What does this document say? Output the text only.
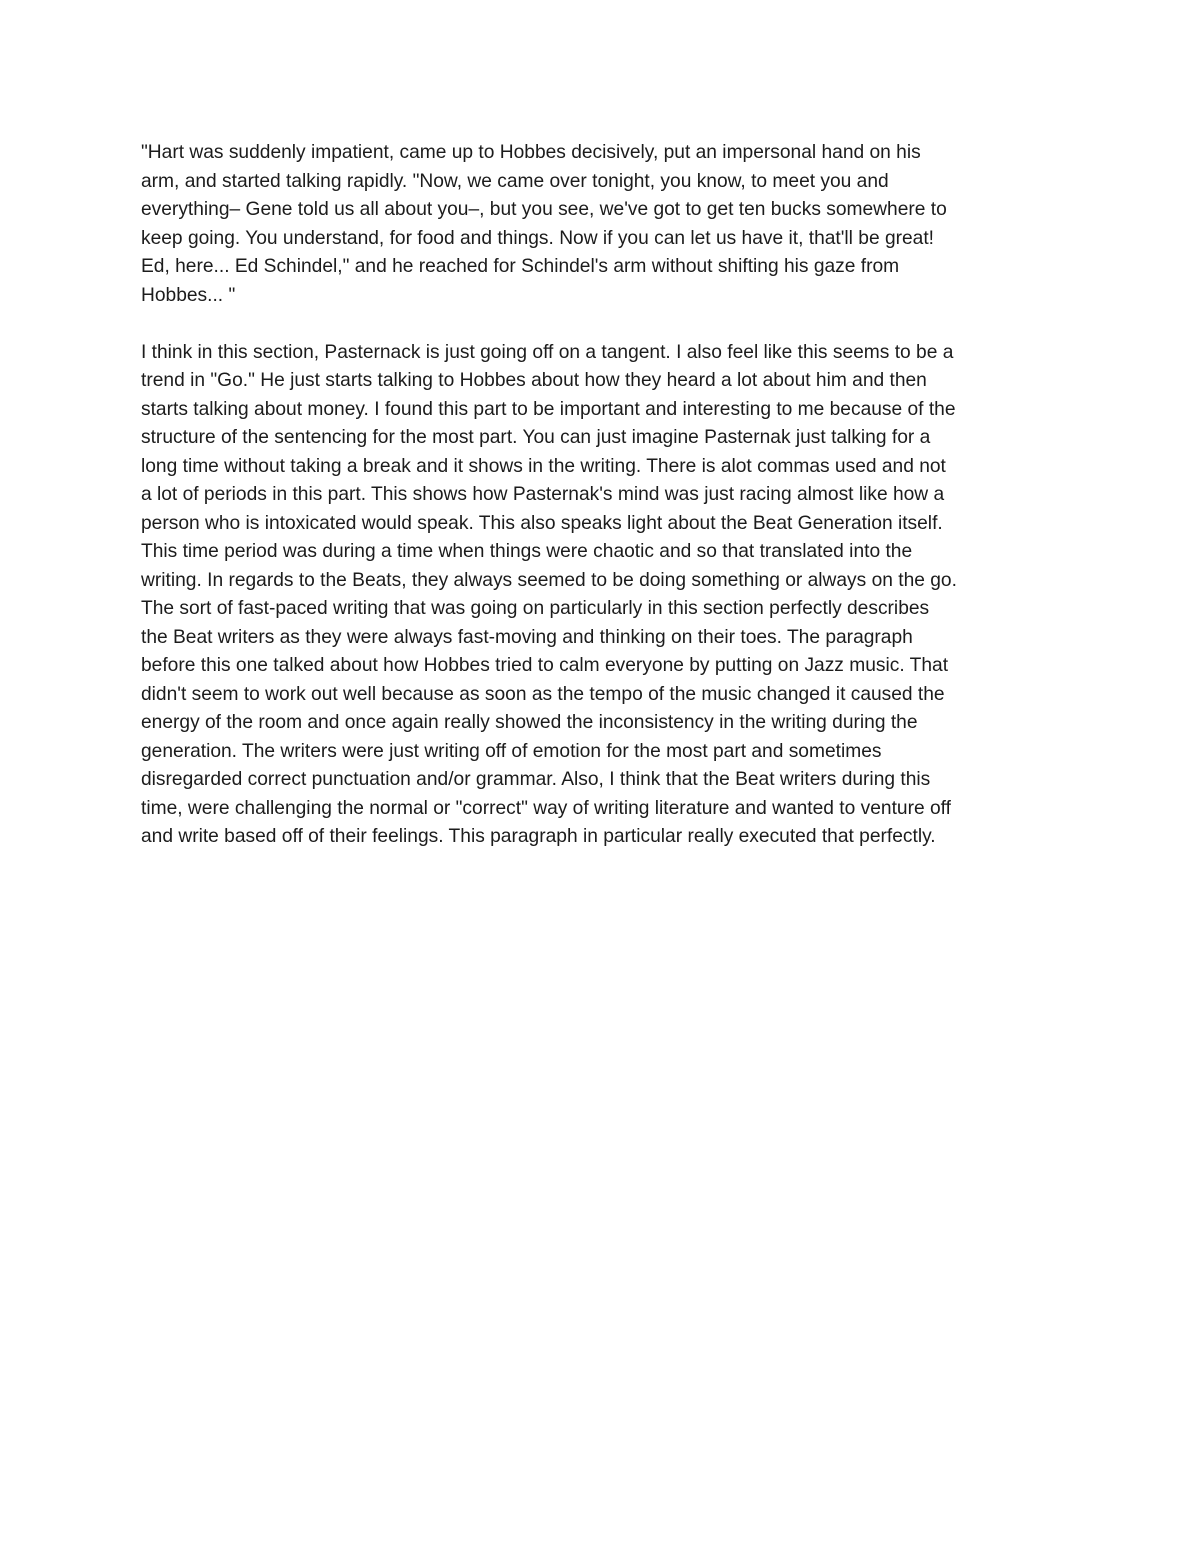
"Hart was suddenly impatient, came up to Hobbes decisively, put an impersonal hand on his
arm, and started talking rapidly. "Now, we came over tonight, you know, to meet you and
everything– Gene told us all about you–, but you see, we've got to get ten bucks somewhere to
keep going. You understand, for food and things. Now if you can let us have it, that'll be great!
Ed, here... Ed Schindel," and he reached for Schindel's arm without shifting his gaze from
Hobbes... "

I think in this section, Pasternack is just going off on a tangent. I also feel like this seems to be a
trend in "Go." He just starts talking to Hobbes about how they heard a lot about him and then
starts talking about money. I found this part to be important and interesting to me because of the
structure of the sentencing for the most part. You can just imagine Pasternak just talking for a
long time without taking a break and it shows in the writing. There is alot commas used and not
a lot of periods in this part. This shows how Pasternak's mind was just racing almost like how a
person who is intoxicated would speak. This also speaks light about the Beat Generation itself.
This time period was during a time when things were chaotic and so that translated into the
writing. In regards to the Beats, they always seemed to be doing something or always on the go.
The sort of fast-paced writing that was going on particularly in this section perfectly describes
the Beat writers as they were always fast-moving and thinking on their toes. The paragraph
before this one talked about how Hobbes tried to calm everyone by putting on Jazz music. That
didn't seem to work out well because as soon as the tempo of the music changed it caused the
energy of the room and once again really showed the inconsistency in the writing during the
generation. The writers were just writing off of emotion for the most part and sometimes
disregarded correct punctuation and/or grammar. Also, I think that the Beat writers during this
time, were challenging the normal or "correct" way of writing literature and wanted to venture off
and write based off of their feelings. This paragraph in particular really executed that perfectly.
